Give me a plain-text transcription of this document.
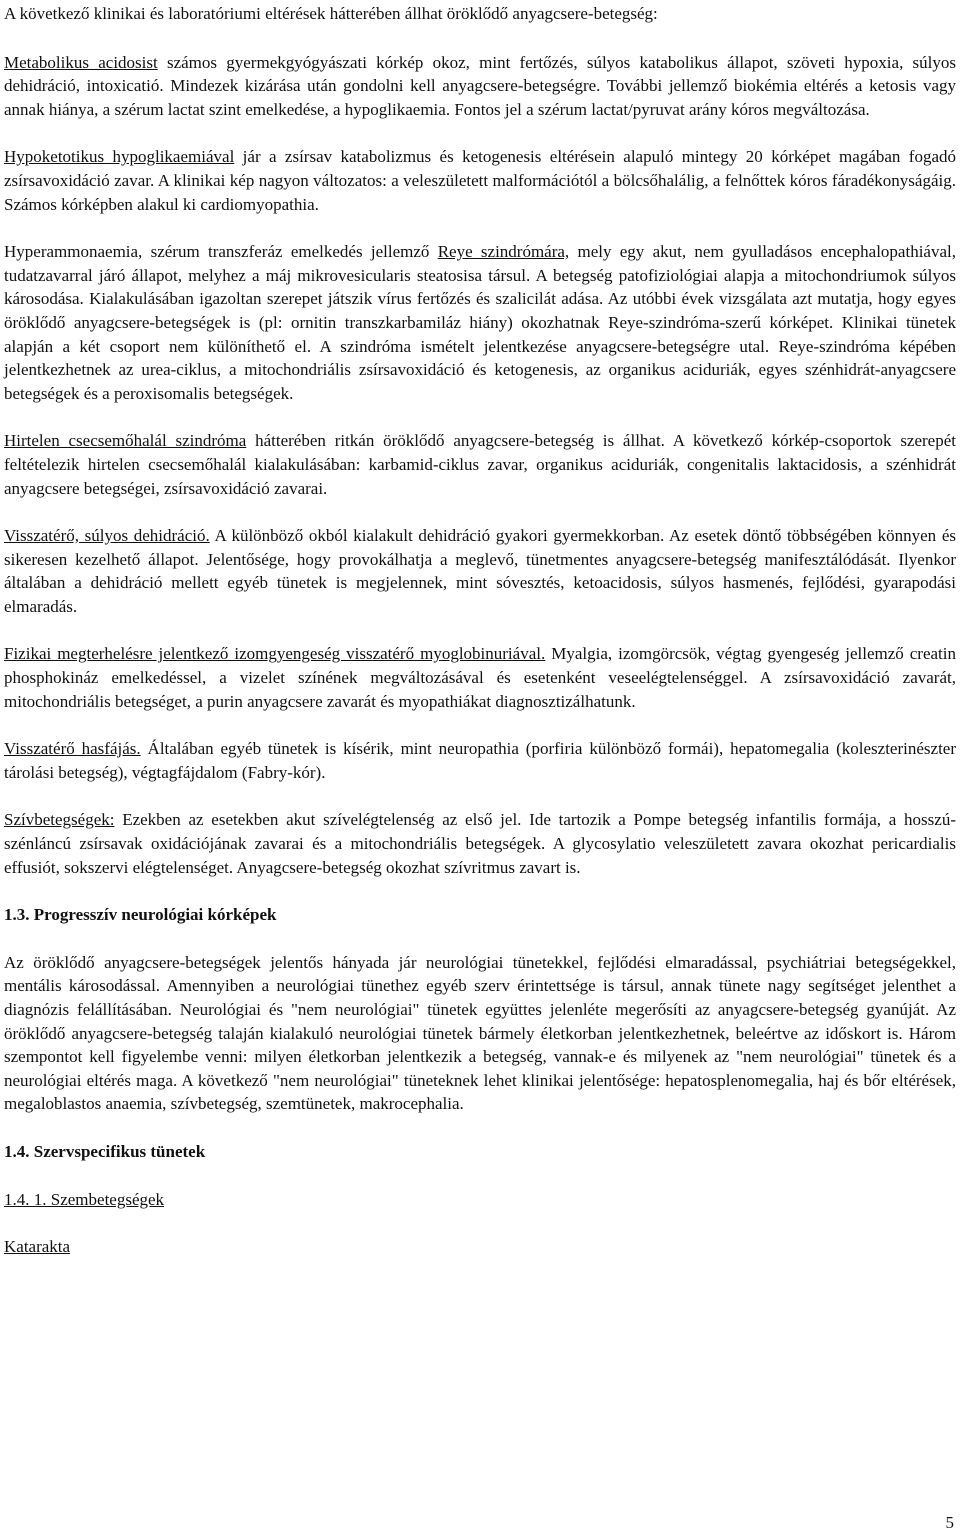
A következő klinikai és laboratóriumi eltérések hátterében állhat öröklődő anyagcsere-betegség:

Metabolikus acidosist számos gyermekgyógyászati kórkép okoz, mint fertőzés, súlyos katabolikus állapot, szöveti hypoxia, súlyos dehidráció, intoxicatió. Mindezek kizárása után gondolni kell anyagcsere-betegségre. További jellemző biokémia eltérés a ketosis vagy annak hiánya, a szérum lactat szint emelkedése, a hypoglikaemia. Fontos jel a szérum lactat/pyruvat arány kóros megváltozása.

Hypoketotikus hypoglikaemiával jár a zsírsav katabolizmus és ketogenesis eltérésein alapuló mintegy 20 kórképet magában fogadó zsírsavoxidáció zavar. A klinikai kép nagyon változatos: a veleszületett malformációtól a bölcsőhalálig, a felnőttek kóros fáradékonyságáig. Számos kórképben alakul ki cardiomyopathia.

Hyperammonaemia, szérum transzferáz emelkedés jellemző Reye szindrómára, mely egy akut, nem gyulladásos encephalopathiával, tudatzavarral járó állapot, melyhez a máj mikrovesicularis steatosisa társul. A betegség patofiziológiai alapja a mitochondriumok súlyos károsodása. Kialakulásában igazoltan szerepet játszik vírus fertőzés és szalicilát adása. Az utóbbi évek vizsgálata azt mutatja, hogy egyes öröklődő anyagcsere-betegségek is (pl: ornitin transzkarbamiláz hiány) okozhatnak Reye-szindróma-szerű kórképet. Klinikai tünetek alapján a két csoport nem különíthető el. A szindróma ismételt jelentkezése anyagcsere-betegségre utal. Reye-szindróma képében jelentkezhetnek az urea-ciklus, a mitochondriális zsírsavoxidáció és ketogenesis, az organikus aciduriák, egyes szénhidrát-anyagcsere betegségek és a peroxisomalis betegségek.

Hirtelen csecsemőhalál szindróma hátterében ritkán öröklődő anyagcsere-betegség is állhat. A következő kórkép-csoportok szerepét feltételezik hirtelen csecsemőhalál kialakulásában: karbamid-ciklus zavar, organikus aciduriák, congenitalis laktacidosis, a szénhidrát anyagcsere betegségei, zsírsavoxidáció zavarai.

Visszatérő, súlyos dehidráció. A különböző okból kialakult dehidráció gyakori gyermekkorban. Az esetek döntő többségében könnyen és sikeresen kezelhető állapot. Jelentősége, hogy provokálhatja a meglevő, tünetmentes anyagcsere-betegség manifesztálódását. Ilyenkor általában a dehidráció mellett egyéb tünetek is megjelennek, mint sóvesztés, ketoacidosis, súlyos hasmenés, fejlődési, gyarapodási elmaradás.

Fizikai megterhelésre jelentkező izomgyengeség visszatérő myoglobinuriával. Myalgia, izomgörcsök, végtag gyengeség jellemző creatin phosphokináz emelkedéssel, a vizelet színének megváltozásával és esetenként veseelégtelenséggel. A zsírsavoxidáció zavarát, mitochondriális betegséget, a purin anyagcsere zavarát és myopathiákat diagnosztizálhatunk.

Visszatérő hasfájás. Általában egyéb tünetek is kísérik, mint neuropathia (porfiria különböző formái), hepatomegalia (koleszterinészter tárolási betegség), végtagfájdalom (Fabry-kór).

Szívbetegségek: Ezekben az esetekben akut szívelégtelenség az első jel. Ide tartozik a Pompe betegség infantilis formája, a hosszú-szénláncú zsírsavak oxidációjának zavarai és a mitochondriális betegségek. A glycosylatio veleszületett zavara okozhat pericardialis effusiót, sokszervi elégtelenséget. Anyagcsere-betegség okozhat szívritmus zavart is.

1.3. Progresszív neurológiai kórképek

Az öröklődő anyagcsere-betegségek jelentős hányada jár neurológiai tünetekkel, fejlődési elmaradással, psychiátriai betegségekkel, mentális károsodással. Amennyiben a neurológiai tünethez egyéb szerv érintettsége is társul, annak tünete nagy segítséget jelenthet a diagnózis felállításában. Neurológiai és "nem neurológiai" tünetek együttes jelenléte megerősíti az anyagcsere-betegség gyanúját. Az öröklődő anyagcsere-betegség talaján kialakuló neurológiai tünetek bármely életkorban jelentkezhetnek, beleértve az időskort is. Három szempontot kell figyelembe venni: milyen életkorban jelentkezik a betegség, vannak-e és milyenek az "nem neurológiai" tünetek és a neurológiai eltérés maga. A következő "nem neurológiai" tüneteknek lehet klinikai jelentősége: hepatosplenomegalia, haj és bőr eltérések, megaloblastos anaemia, szívbetegség, szemtünetek, makrocephalia.

1.4. Szervspecifikus tünetek
1.4. 1. Szembetegségek
Katarakta
5
